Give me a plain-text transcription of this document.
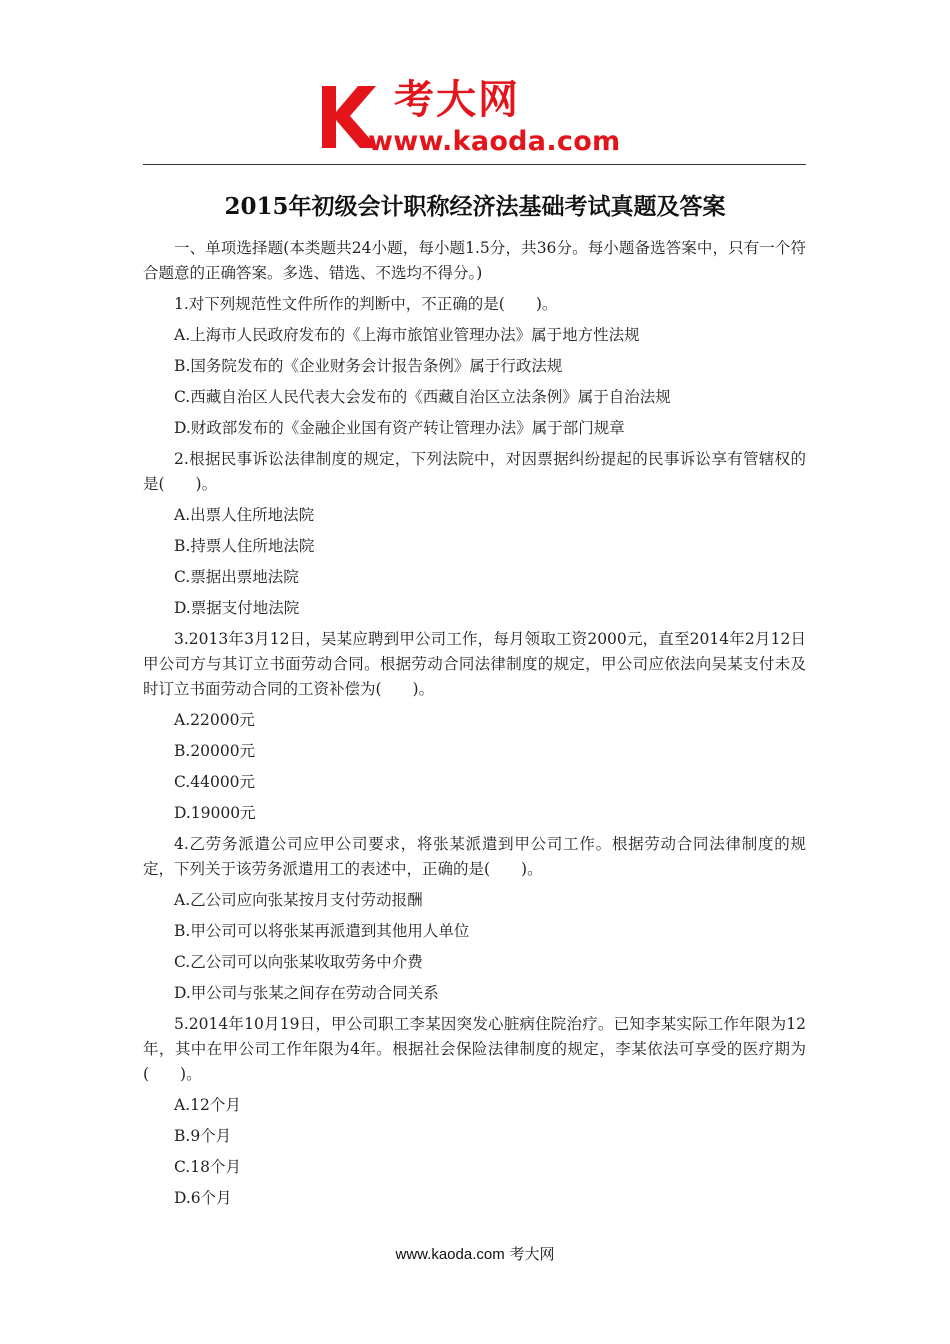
考大网
www.kaoda.com
2015年初级会计职称经济法基础考试真题及答案

一、单项选择题(本类题共24小题，每小题1.5分，共36分。每小题备选答案中，只有一个符合题意的正确答案。多选、错选、不选均不得分。)

1.对下列规范性文件所作的判断中，不正确的是(　　)。

A.上海市人民政府发布的《上海市旅馆业管理办法》属于地方性法规

B.国务院发布的《企业财务会计报告条例》属于行政法规

C.西藏自治区人民代表大会发布的《西藏自治区立法条例》属于自治法规

D.财政部发布的《金融企业国有资产转让管理办法》属于部门规章

2.根据民事诉讼法律制度的规定，下列法院中，对因票据纠纷提起的民事诉讼享有管辖权的是(　　)。

A.出票人住所地法院

B.持票人住所地法院

C.票据出票地法院

D.票据支付地法院

3.2013年3月12日，吴某应聘到甲公司工作，每月领取工资2000元，直至2014年2月12日甲公司方与其订立书面劳动合同。根据劳动合同法律制度的规定，甲公司应依法向吴某支付未及时订立书面劳动合同的工资补偿为(　　)。

A.22000元

B.20000元

C.44000元

D.19000元

4.乙劳务派遣公司应甲公司要求，将张某派遣到甲公司工作。根据劳动合同法律制度的规定，下列关于该劳务派遣用工的表述中，正确的是(　　)。

A.乙公司应向张某按月支付劳动报酬

B.甲公司可以将张某再派遣到其他用人单位

C.乙公司可以向张某收取劳务中介费

D.甲公司与张某之间存在劳动合同关系

5.2014年10月19日，甲公司职工李某因突发心脏病住院治疗。已知李某实际工作年限为12年，其中在甲公司工作年限为4年。根据社会保险法律制度的规定，李某依法可享受的医疗期为(　　)。

A.12个月

B.9个月

C.18个月

D.6个月

www.kaoda.com 考大网
